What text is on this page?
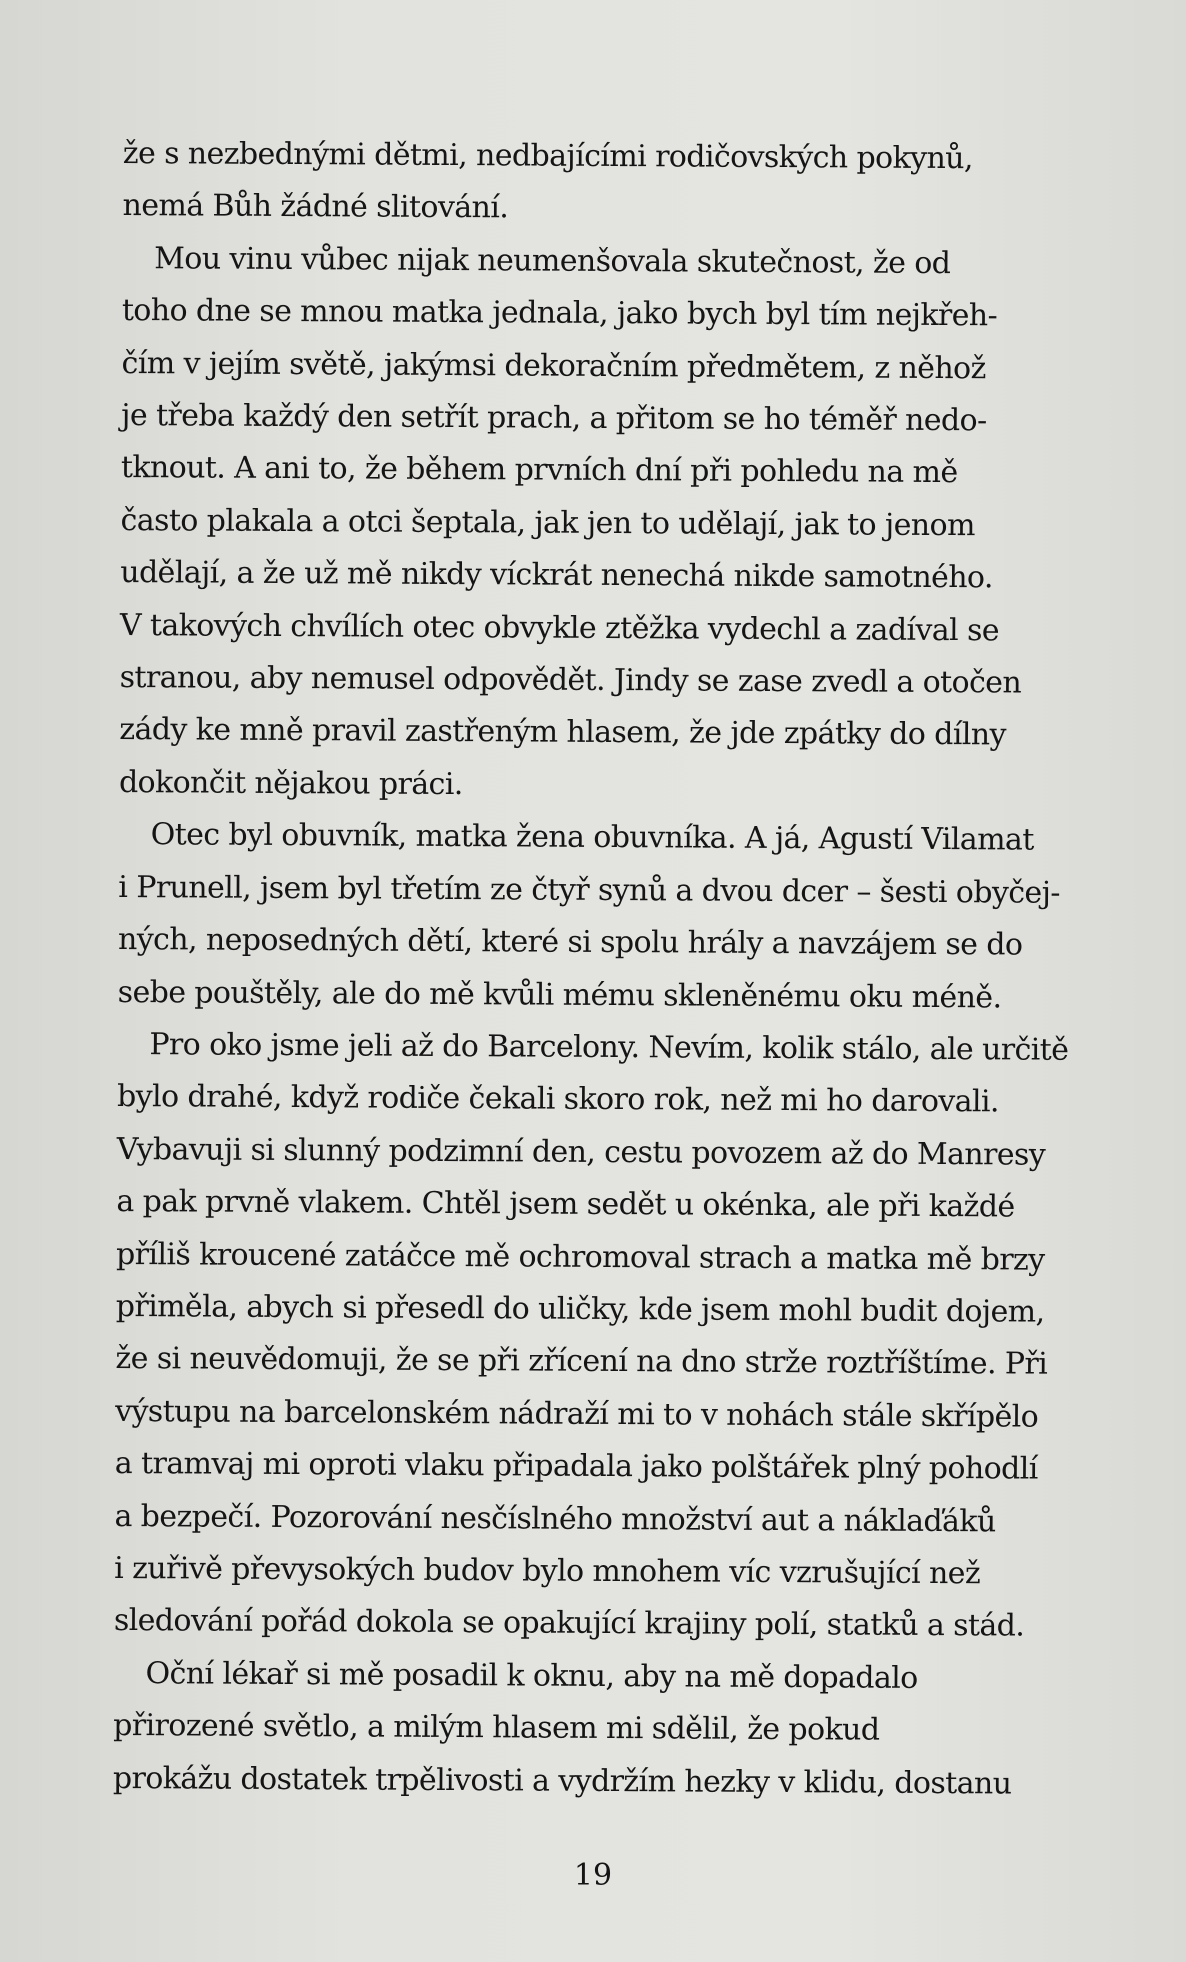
že s nezbednými dětmi, nedbajícími rodičovských pokynů,
nemá Bůh žádné slitování.

Mou vinu vůbec nijak neumenšovala skutečnost, že od
toho dne se mnou matka jednala, jako bych byl tím nejkřeh-
čím v jejím světě, jakýmsi dekoračním předmětem, z něhož
je třeba každý den setřít prach, a přitom se ho téměř nedo-
tknout. A ani to, že během prvních dní při pohledu na mě
často plakala a otci šeptala, jak jen to udělají, jak to jenom
udělají, a že už mě nikdy víckrát nenechá nikde samotného.
V takových chvílích otec obvykle ztěžka vydechl a zadíval se
stranou, aby nemusel odpovědět. Jindy se zase zvedl a otočen
zády ke mně pravil zastřeným hlasem, že jde zpátky do dílny
dokončit nějakou práci.

Otec byl obuvník, matka žena obuvníka. A já, Agustí Vilamat
i Prunell, jsem byl třetím ze čtyř synů a dvou dcer – šesti obyčej-
ných, neposedných dětí, které si spolu hrály a navzájem se do
sebe pouštěly, ale do mě kvůli mému skleněnému oku méně.

Pro oko jsme jeli až do Barcelony. Nevím, kolik stálo, ale určitě
bylo drahé, když rodiče čekali skoro rok, než mi ho darovali.
Vybavuji si slunný podzimní den, cestu povozem až do Manresy
a pak prvně vlakem. Chtěl jsem sedět u okénka, ale při každé
příliš kroucené zatáčce mě ochromoval strach a matka mě brzy
přiměla, abych si přesedl do uličky, kde jsem mohl budit dojem,
že si neuvědomuji, že se při zřícení na dno strže roztříštíme. Při
výstupu na barcelonském nádraží mi to v nohách stále skřípělo
a tramvaj mi oproti vlaku připadala jako polštářek plný pohodlí
a bezpečí. Pozorování nesčíslného množství aut a náklaďáků
i zuřivě převysokých budov bylo mnohem víc vzrušující než
sledování pořád dokola se opakující krajiny polí, statků a stád.

Oční lékař si mě posadil k oknu, aby na mě dopadalo
přirozené světlo, a milým hlasem mi sdělil, že pokud
prokážu dostatek trpělivosti a vydržím hezky v klidu, dostanu

19
